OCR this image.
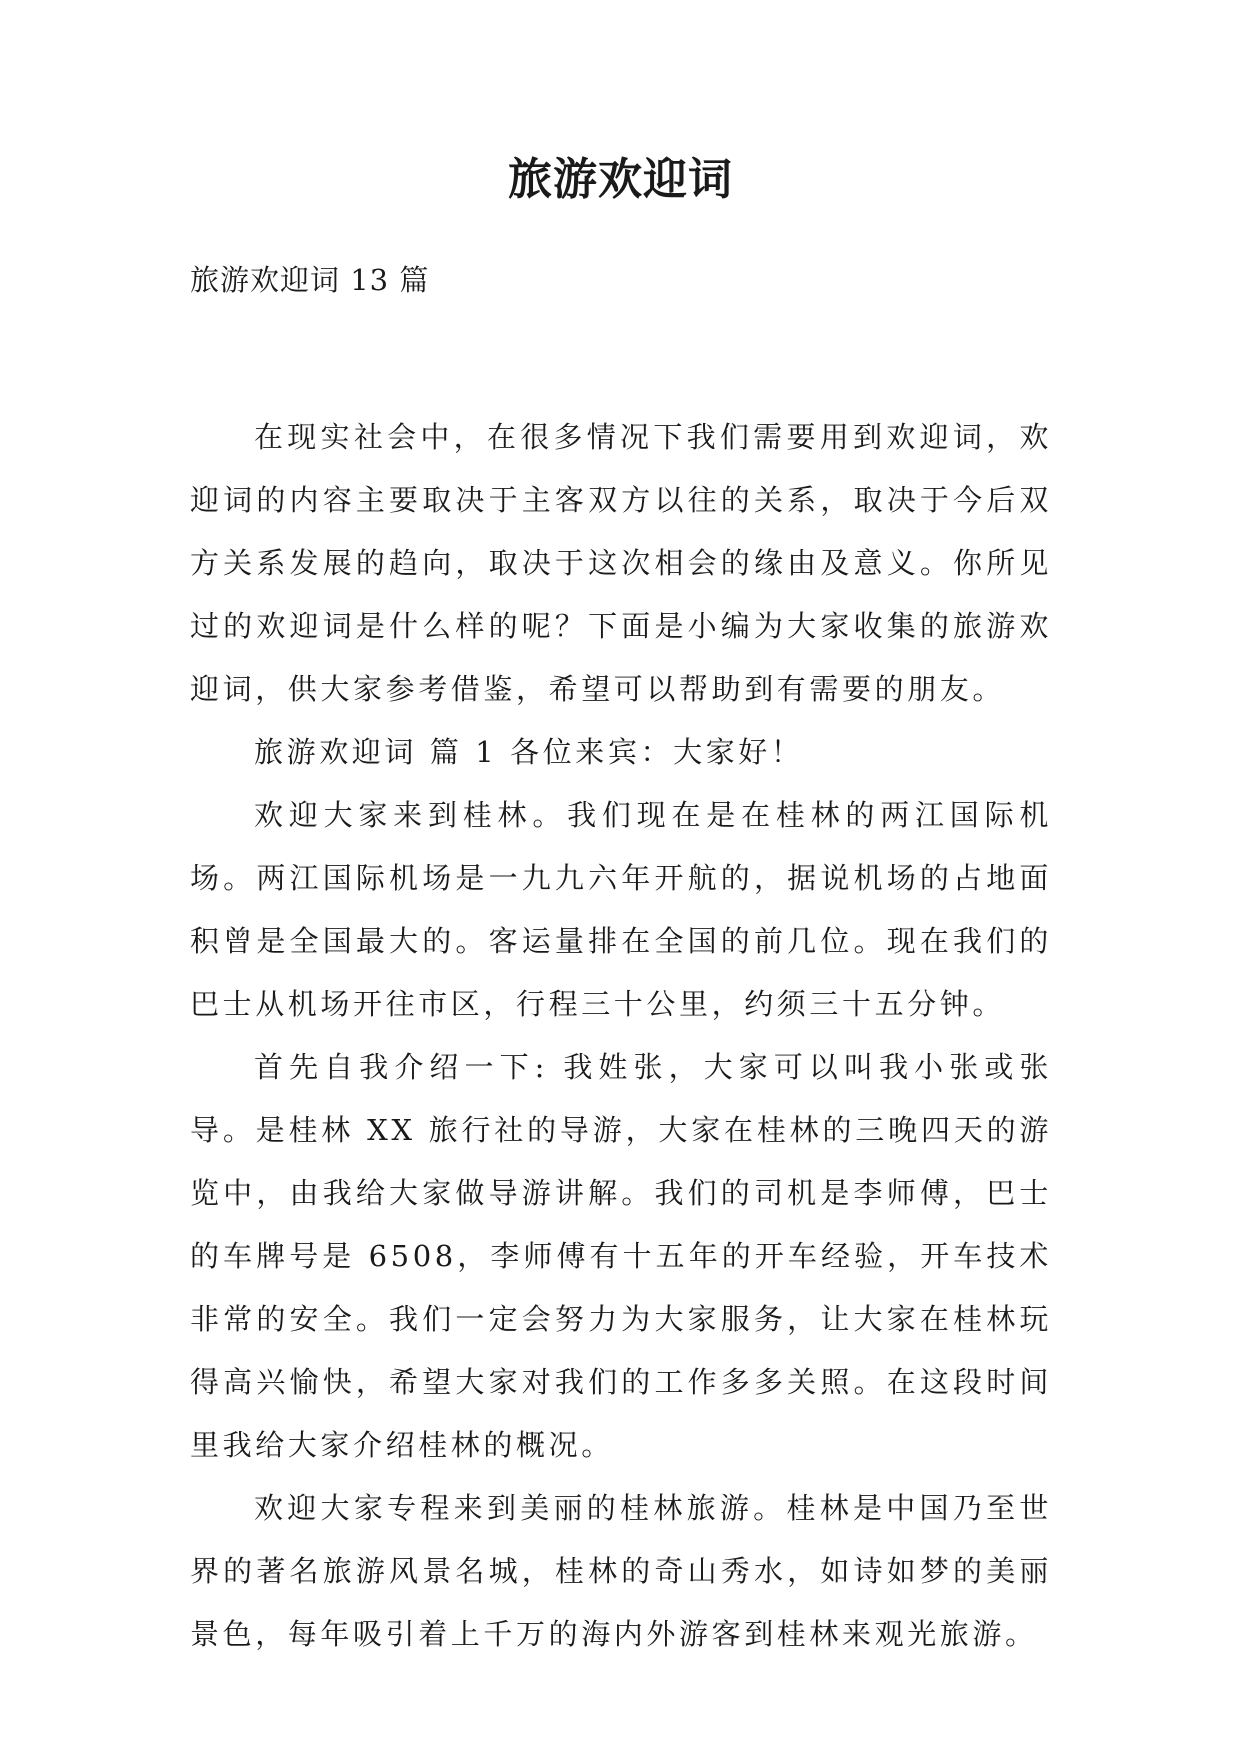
旅游欢迎词
旅游欢迎词 13 篇

在现实社会中，在很多情况下我们需要用到欢迎词，欢迎词的内容主要取决于主客双方以往的关系，取决于今后双方关系发展的趋向，取决于这次相会的缘由及意义。你所见过的欢迎词是什么样的呢？下面是小编为大家收集的旅游欢迎词，供大家参考借鉴，希望可以帮助到有需要的朋友。

旅游欢迎词 篇 1 各位来宾：大家好！

欢迎大家来到桂林。我们现在是在桂林的两江国际机场。两江国际机场是一九九六年开航的，据说机场的占地面积曾是全国最大的。客运量排在全国的前几位。现在我们的巴士从机场开往市区，行程三十公里，约须三十五分钟。

首先自我介绍一下: 我姓张，大家可以叫我小张或张导。是桂林 XX 旅行社的导游，大家在桂林的三晚四天的游览中，由我给大家做导游讲解。我们的司机是李师傅，巴士的车牌号是 6508，李师傅有十五年的开车经验，开车技术非常的安全。我们一定会努力为大家服务，让大家在桂林玩得高兴愉快，希望大家对我们的工作多多关照。在这段时间里我给大家介绍桂林的概况。

欢迎大家专程来到美丽的桂林旅游。桂林是中国乃至世界的著名旅游风景名城，桂林的奇山秀水，如诗如梦的美丽景色，每年吸引着上千万的海内外游客到桂林来观光旅游。
